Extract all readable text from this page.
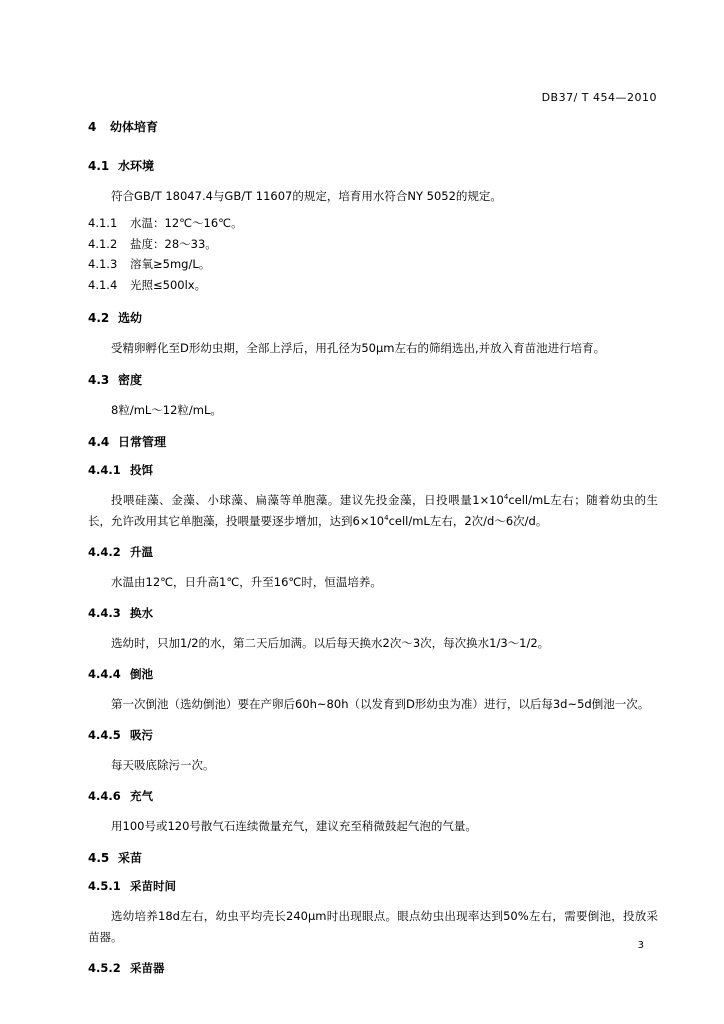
DB37/ T 454—2010
4 幼体培育
4.1 水环境

符合GB/T 18047.4与GB/T 11607的规定，培育用水符合NY 5052的规定。

4.1.1 水温：12℃～16℃。
4.1.2 盐度：28～33。
4.1.3 溶氧≥5mg/L。
4.1.4 光照≤500lx。
4.2 选幼

受精卵孵化至D形幼虫期，全部上浮后，用孔径为50μm左右的筛绢选出,并放入育苗池进行培育。

4.3 密度

8粒/mL～12粒/mL。

4.4 日常管理
4.4.1 投饵

投喂硅藻、金藻、小球藻、扁藻等单胞藻。建议先投金藻，日投喂量$1\times 10^4cell/mL$左右；随着幼虫的生长，允许改用其它单胞藻，投喂量要逐步增加，达到$6\times 10^4cell/mL$左右，2次/d～6次/d。

4.4.2 升温

水温由12℃，日升高1℃，升至16℃时，恒温培养。

4.4.3 换水

选幼时，只加1/2的水，第二天后加满。以后每天换水2次～3次，每次换水1/3～1/2。

4.4.4 倒池

第一次倒池（选幼倒池）要在产卵后60h~80h（以发育到D形幼虫为准）进行，以后每3d~5d倒池一次。

4.4.5 吸污

每天吸底除污一次。

4.4.6 充气

用100号或120号散气石连续微量充气，建议充至稍微鼓起气泡的气量。

4.5 采苗
4.5.1 采苗时间

选幼培养18d左右，幼虫平均壳长240μm时出现眼点。眼点幼虫出现率达到50%左右，需要倒池，投放采苗器。

4.5.2 采苗器
3
